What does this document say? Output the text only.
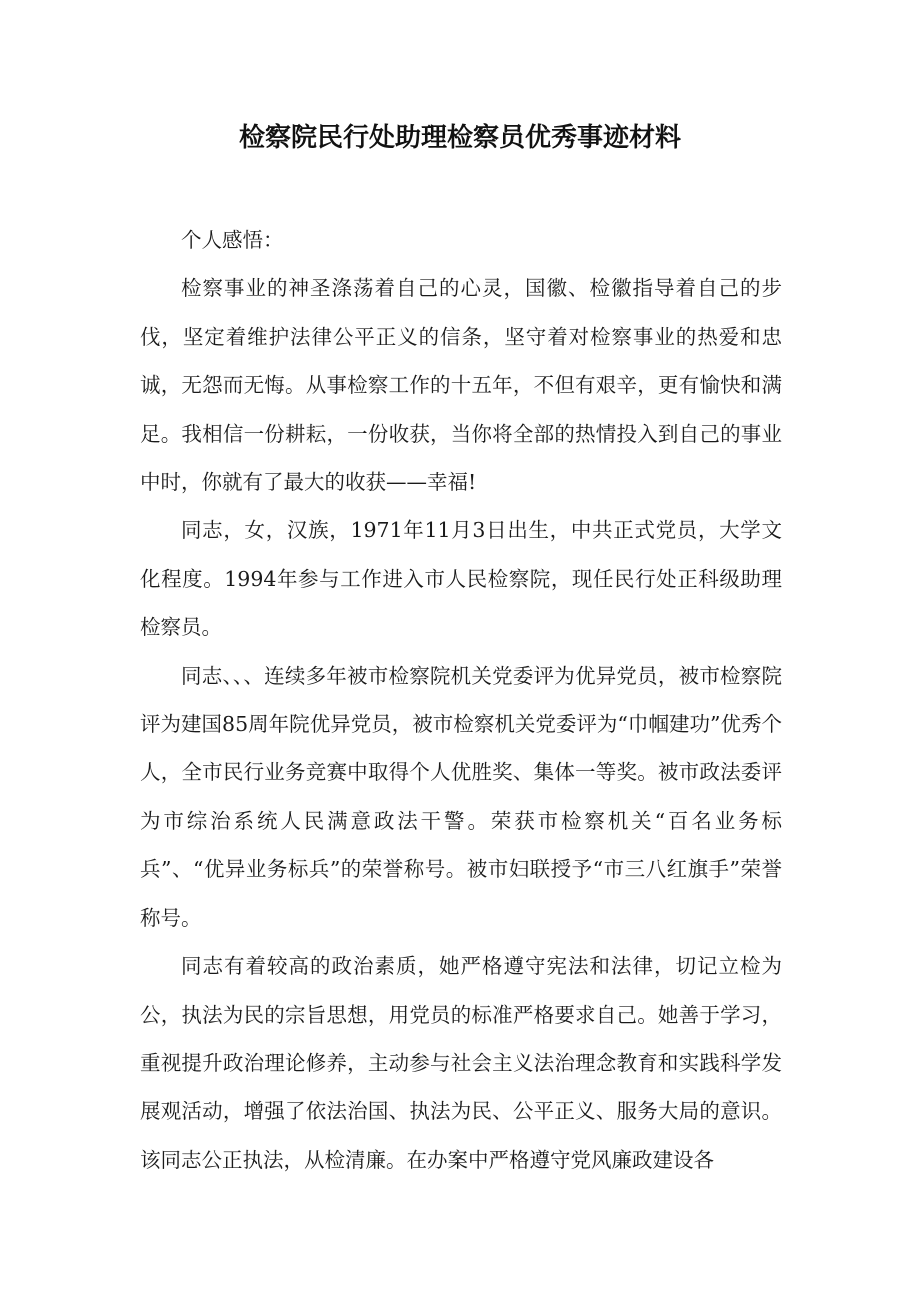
检察院民行处助理检察员优秀事迹材料

个人感悟：

检察事业的神圣涤荡着自己的心灵，国徽、检徽指导着自己的步伐，坚定着维护法律公平正义的信条，坚守着对检察事业的热爱和忠诚，无怨而无悔。从事检察工作的十五年，不但有艰辛，更有愉快和满足。我相信一份耕耘，一份收获，当你将全部的热情投入到自己的事业中时，你就有了最大的收获——幸福!

同志，女，汉族，1971年11月3日出生，中共正式党员，大学文化程度。1994年参与工作进入市人民检察院，现任民行处正科级助理检察员。

同志、、、连续多年被市检察院机关党委评为优异党员，被市检察院评为建国85周年院优异党员，被市检察机关党委评为“巾帼建功”优秀个人，全市民行业务竞赛中取得个人优胜奖、集体一等奖。被市政法委评为市综治系统人民满意政法干警。荣获市检察机关“百名业务标兵”、“优异业务标兵”的荣誉称号。被市妇联授予“市三八红旗手”荣誉称号。

同志有着较高的政治素质，她严格遵守宪法和法律，切记立检为公，执法为民的宗旨思想，用党员的标准严格要求自己。她善于学习，重视提升政治理论修养，主动参与社会主义法治理念教育和实践科学发展观活动，增强了依法治国、执法为民、公平正义、服务大局的意识。该同志公正执法，从检清廉。在办案中严格遵守党风廉政建设各
